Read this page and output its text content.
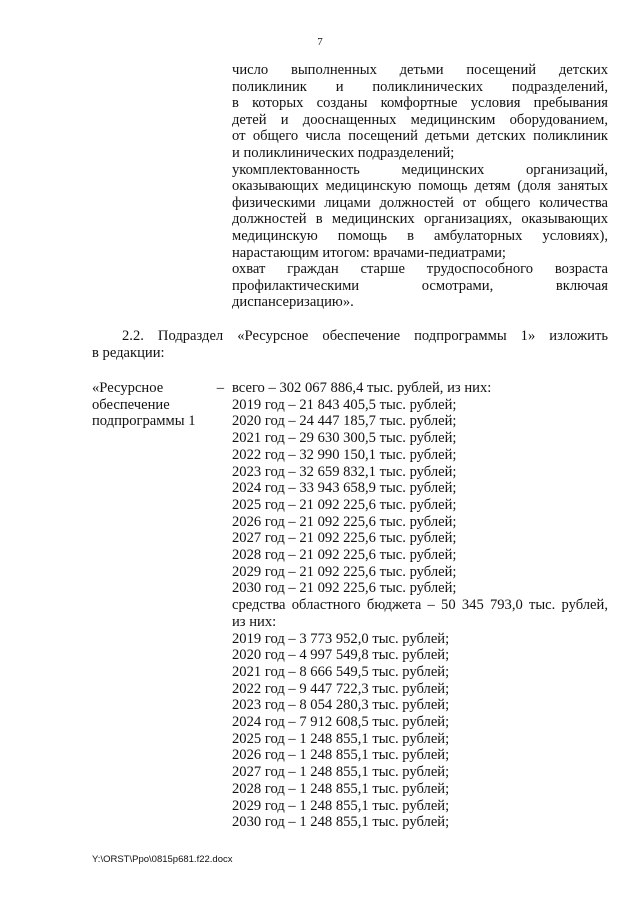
7
число выполненных детьми посещений детских
поликлиник и поликлинических подразделений,
в которых созданы комфортные условия пребывания
детей и дооснащенных медицинским оборудованием,
от общего числа посещений детьми детских поликлиник
и поликлинических подразделений;
укомплектованность медицинских организаций,
оказывающих медицинскую помощь детям (доля занятых
физическими лицами должностей от общего количества
должностей в медицинских организациях, оказывающих
медицинскую помощь в амбулаторных условиях),
нарастающим итогом: врачами-педиатрами;
охват граждан старше трудоспособного возраста
профилактическими осмотрами, включая
диспансеризацию».
2.2. Подраздел «Ресурсное обеспечение подпрограммы 1» изложить
в редакции:
«Ресурсное	–
обеспечение
подпрограммы 1
всего – 302 067 886,4 тыс. рублей, из них:
2019 год – 21 843 405,5 тыс. рублей;
2020 год – 24 447 185,7 тыс. рублей;
2021 год – 29 630 300,5 тыс. рублей;
2022 год – 32 990 150,1 тыс. рублей;
2023 год – 32 659 832,1 тыс. рублей;
2024 год – 33 943 658,9 тыс. рублей;
2025 год – 21 092 225,6 тыс. рублей;
2026 год – 21 092 225,6 тыс. рублей;
2027 год – 21 092 225,6 тыс. рублей;
2028 год – 21 092 225,6 тыс. рублей;
2029 год – 21 092 225,6 тыс. рублей;
2030 год – 21 092 225,6 тыс. рублей;
средства областного бюджета – 50 345 793,0 тыс. рублей,
из них:
2019 год – 3 773 952,0 тыс. рублей;
2020 год – 4 997 549,8 тыс. рублей;
2021 год – 8 666 549,5 тыс. рублей;
2022 год – 9 447 722,3 тыс. рублей;
2023 год – 8 054 280,3 тыс. рублей;
2024 год – 7 912 608,5 тыс. рублей;
2025 год – 1 248 855,1 тыс. рублей;
2026 год – 1 248 855,1 тыс. рублей;
2027 год – 1 248 855,1 тыс. рублей;
2028 год – 1 248 855,1 тыс. рублей;
2029 год – 1 248 855,1 тыс. рублей;
2030 год – 1 248 855,1 тыс. рублей;
Y:\ORST\Ppo\0815p681.f22.docx
